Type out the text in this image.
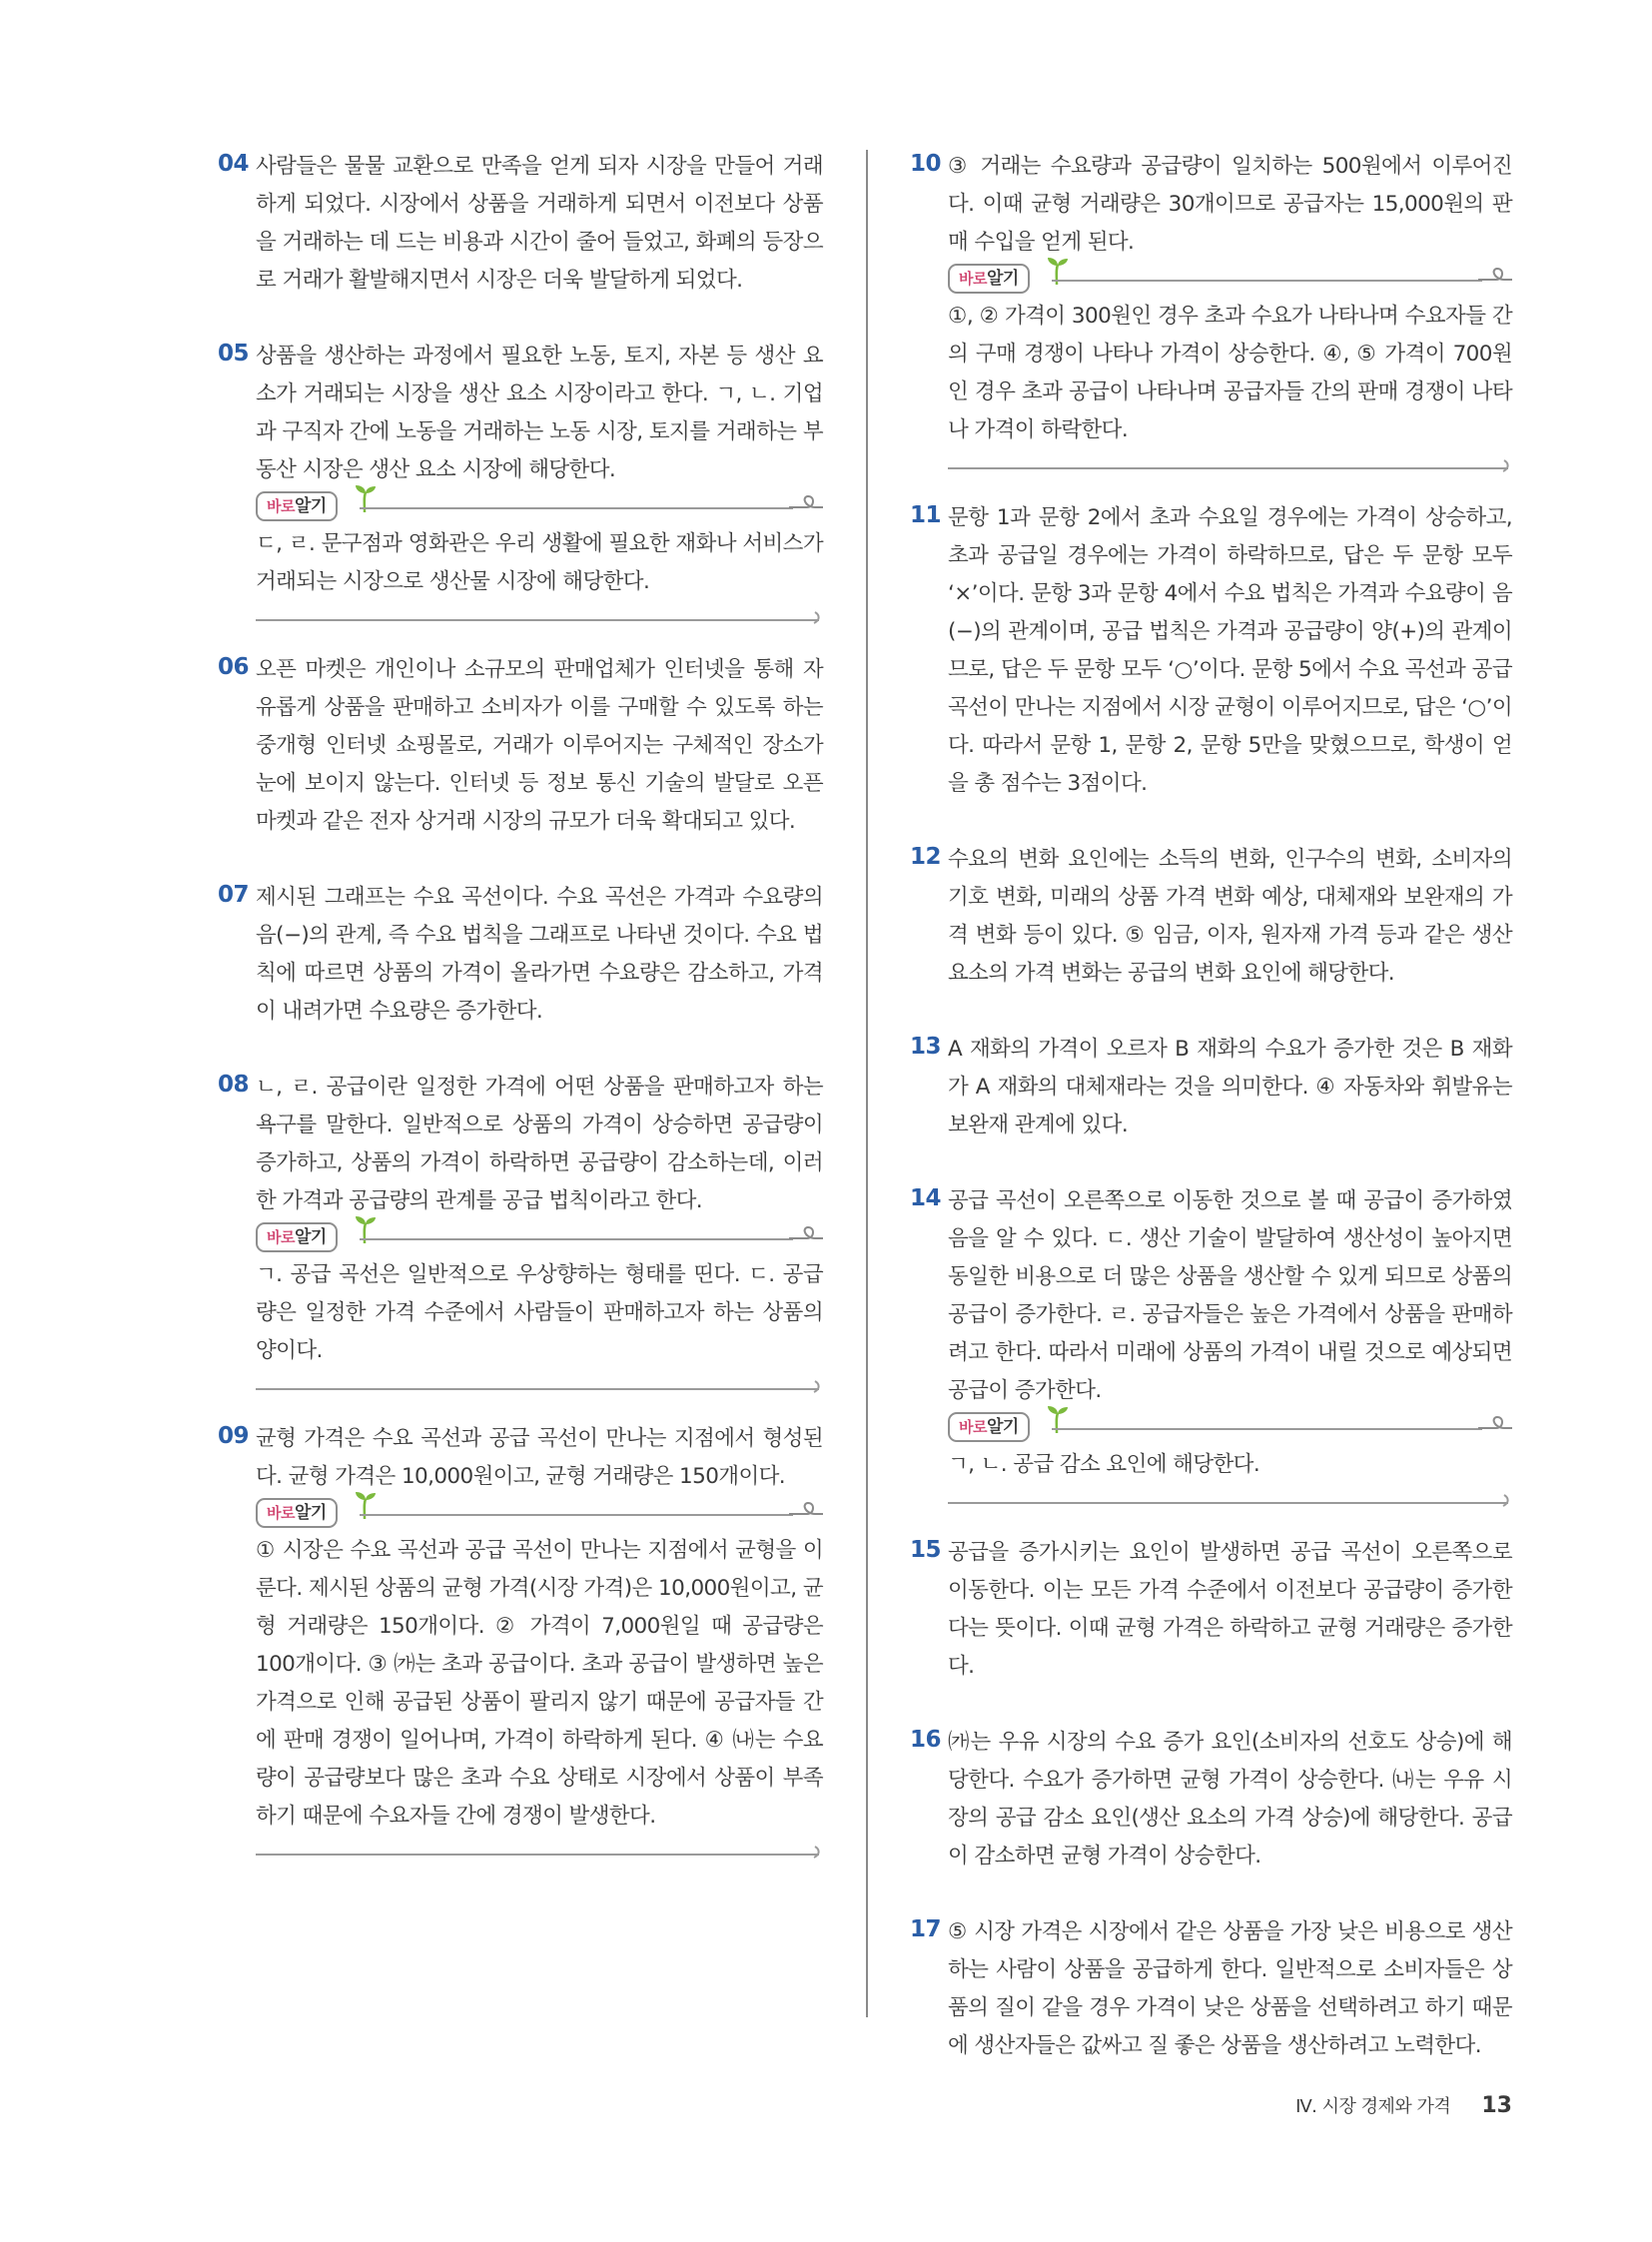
04 사람들은 물물 교환으로 만족을 얻게 되자 시장을 만들어 거래하게 되었다. 시장에서 상품을 거래하게 되면서 이전보다 상품을 거래하는 데 드는 비용과 시간이 줄어 들었고, 화폐의 등장으로 거래가 활발해지면서 시장은 더욱 발달하게 되었다.

05 상품을 생산하는 과정에서 필요한 노동, 토지, 자본 등 생산 요소가 거래되는 시장을 생산 요소 시장이라고 한다. ㄱ, ㄴ. 기업과 구직자 간에 노동을 거래하는 노동 시장, 토지를 거래하는 부동산 시장은 생산 요소 시장에 해당한다.

바로알기

ㄷ, ㄹ. 문구점과 영화관은 우리 생활에 필요한 재화나 서비스가 거래되는 시장으로 생산물 시장에 해당한다.

06 오픈 마켓은 개인이나 소규모의 판매업체가 인터넷을 통해 자유롭게 상품을 판매하고 소비자가 이를 구매할 수 있도록 하는 중개형 인터넷 쇼핑몰로, 거래가 이루어지는 구체적인 장소가 눈에 보이지 않는다. 인터넷 등 정보 통신 기술의 발달로 오픈 마켓과 같은 전자 상거래 시장의 규모가 더욱 확대되고 있다.

07 제시된 그래프는 수요 곡선이다. 수요 곡선은 가격과 수요량의 음(−)의 관계, 즉 수요 법칙을 그래프로 나타낸 것이다. 수요 법칙에 따르면 상품의 가격이 올라가면 수요량은 감소하고, 가격이 내려가면 수요량은 증가한다.

08 ㄴ, ㄹ. 공급이란 일정한 가격에 어떤 상품을 판매하고자 하는 욕구를 말한다. 일반적으로 상품의 가격이 상승하면 공급량이 증가하고, 상품의 가격이 하락하면 공급량이 감소하는데, 이러한 가격과 공급량의 관계를 공급 법칙이라고 한다.

바로알기

ㄱ. 공급 곡선은 일반적으로 우상향하는 형태를 띤다. ㄷ. 공급량은 일정한 가격 수준에서 사람들이 판매하고자 하는 상품의 양이다.

09 균형 가격은 수요 곡선과 공급 곡선이 만나는 지점에서 형성된다. 균형 가격은 10,000원이고, 균형 거래량은 150개이다.

바로알기

① 시장은 수요 곡선과 공급 곡선이 만나는 지점에서 균형을 이룬다. 제시된 상품의 균형 가격(시장 가격)은 10,000원이고, 균형 거래량은 150개이다. ② 가격이 7,000원일 때 공급량은 100개이다. ③ ㈎는 초과 공급이다. 초과 공급이 발생하면 높은 가격으로 인해 공급된 상품이 팔리지 않기 때문에 공급자들 간에 판매 경쟁이 일어나며, 가격이 하락하게 된다. ④ ㈏는 수요량이 공급량보다 많은 초과 수요 상태로 시장에서 상품이 부족하기 때문에 수요자들 간에 경쟁이 발생한다.

10 ③ 거래는 수요량과 공급량이 일치하는 500원에서 이루어진다. 이때 균형 거래량은 30개이므로 공급자는 15,000원의 판매 수입을 얻게 된다.

바로알기

①, ② 가격이 300원인 경우 초과 수요가 나타나며 수요자들 간의 구매 경쟁이 나타나 가격이 상승한다. ④, ⑤ 가격이 700원인 경우 초과 공급이 나타나며 공급자들 간의 판매 경쟁이 나타나 가격이 하락한다.

11 문항 1과 문항 2에서 초과 수요일 경우에는 가격이 상승하고, 초과 공급일 경우에는 가격이 하락하므로, 답은 두 문항 모두 ‘×’이다. 문항 3과 문항 4에서 수요 법칙은 가격과 수요량이 음(−)의 관계이며, 공급 법칙은 가격과 공급량이 양(+)의 관계이므로, 답은 두 문항 모두 ‘○’이다. 문항 5에서 수요 곡선과 공급 곡선이 만나는 지점에서 시장 균형이 이루어지므로, 답은 ‘○’이다. 따라서 문항 1, 문항 2, 문항 5만을 맞혔으므로, 학생이 얻을 총 점수는 3점이다.

12 수요의 변화 요인에는 소득의 변화, 인구수의 변화, 소비자의 기호 변화, 미래의 상품 가격 변화 예상, 대체재와 보완재의 가격 변화 등이 있다. ⑤ 임금, 이자, 원자재 가격 등과 같은 생산 요소의 가격 변화는 공급의 변화 요인에 해당한다.

13 A 재화의 가격이 오르자 B 재화의 수요가 증가한 것은 B 재화가 A 재화의 대체재라는 것을 의미한다. ④ 자동차와 휘발유는 보완재 관계에 있다.

14 공급 곡선이 오른쪽으로 이동한 것으로 볼 때 공급이 증가하였음을 알 수 있다. ㄷ. 생산 기술이 발달하여 생산성이 높아지면 동일한 비용으로 더 많은 상품을 생산할 수 있게 되므로 상품의 공급이 증가한다. ㄹ. 공급자들은 높은 가격에서 상품을 판매하려고 한다. 따라서 미래에 상품의 가격이 내릴 것으로 예상되면 공급이 증가한다.

바로알기

ㄱ, ㄴ. 공급 감소 요인에 해당한다.

15 공급을 증가시키는 요인이 발생하면 공급 곡선이 오른쪽으로 이동한다. 이는 모든 가격 수준에서 이전보다 공급량이 증가한다는 뜻이다. 이때 균형 가격은 하락하고 균형 거래량은 증가한다.

16 ㈎는 우유 시장의 수요 증가 요인(소비자의 선호도 상승)에 해당한다. 수요가 증가하면 균형 가격이 상승한다. ㈏는 우유 시장의 공급 감소 요인(생산 요소의 가격 상승)에 해당한다. 공급이 감소하면 균형 가격이 상승한다.

17 ⑤ 시장 가격은 시장에서 같은 상품을 가장 낮은 비용으로 생산하는 사람이 상품을 공급하게 한다. 일반적으로 소비자들은 상품의 질이 같을 경우 가격이 낮은 상품을 선택하려고 하기 때문에 생산자들은 값싸고 질 좋은 상품을 생산하려고 노력한다.

Ⅳ. 시장 경제와 가격 13
